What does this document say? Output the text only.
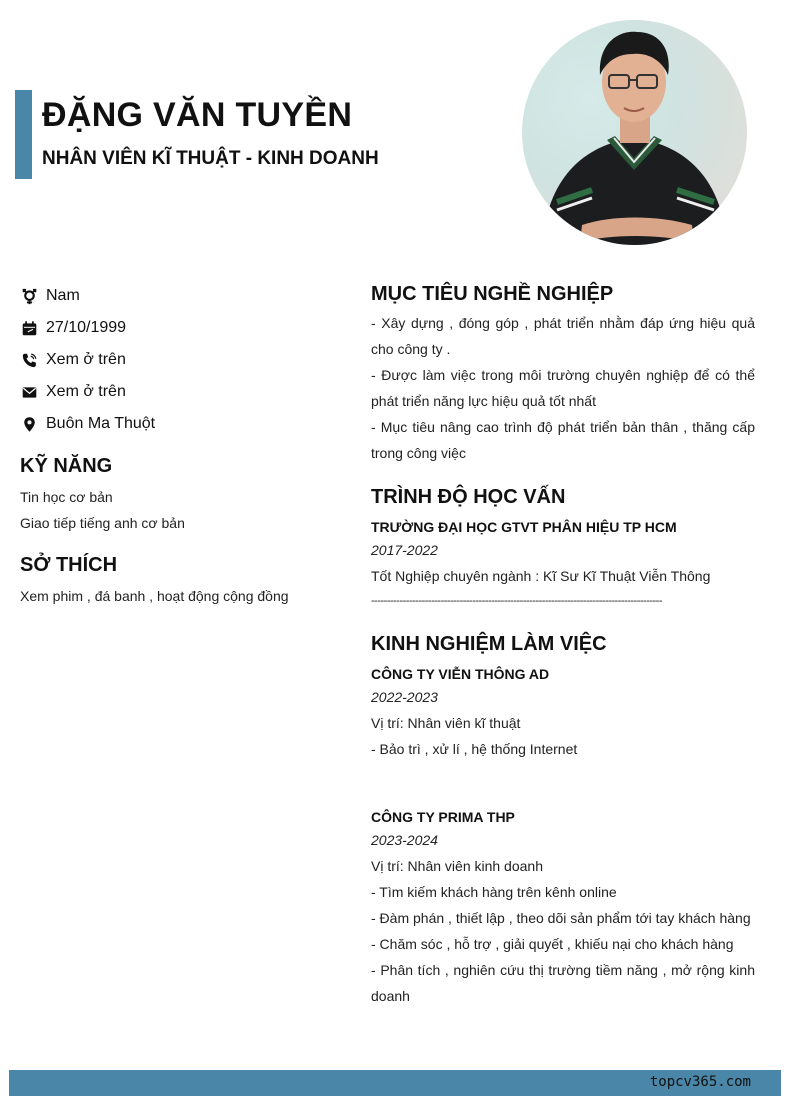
ĐẶNG VĂN TUYỀN
NHÂN VIÊN KĨ THUẬT - KINH DOANH
Nam
27/10/1999
Xem ở trên
Xem ở trên
Buôn Ma Thuột
KỸ NĂNG
Tin học cơ bản
Giao tiếp tiếng anh cơ bản
SỞ THÍCH
Xem phim , đá banh , hoạt động cộng đồng
MỤC TIÊU NGHỀ NGHIỆP
- Xây dựng , đóng góp , phát triển nhằm đáp ứng hiệu quả cho công ty .
- Được làm việc trong môi trường chuyên nghiệp để có thể phát triển năng lực hiệu quả tốt nhất
- Mục tiêu nâng cao trình độ phát triển bản thân , thăng cấp trong công việc
TRÌNH ĐỘ HỌC VẤN
TRƯỜNG ĐẠI HỌC GTVT PHÂN HIỆU TP HCM
2017-2022
Tốt Nghiệp chuyên ngành : Kĩ Sư Kĩ Thuật Viễn Thông
--------------------------------------------------------------------------------------------
KINH NGHIỆM LÀM VIỆC
CÔNG TY VIỄN THÔNG AD
2022-2023
Vị trí: Nhân viên kĩ thuật
- Bảo trì , xử lí , hệ thống Internet
CÔNG TY PRIMA THP
2023-2024
Vị trí: Nhân viên kinh doanh
- Tìm kiếm khách hàng trên kênh online
- Đàm phán , thiết lập , theo dõi sản phẩm tới tay khách hàng
- Chăm sóc , hỗ trợ , giải quyết , khiếu nại cho khách hàng
- Phân tích , nghiên cứu thị trường tiềm năng , mở rộng kinh doanh
topcv365.com
